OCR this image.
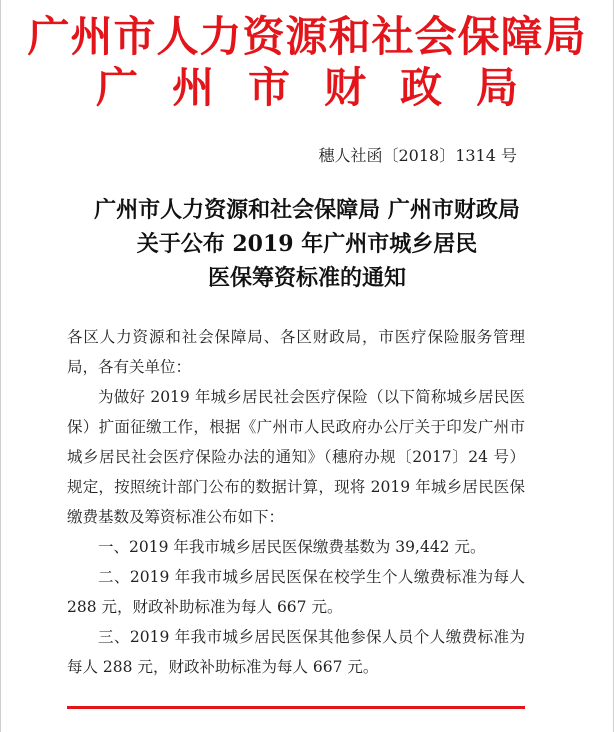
广州市人力资源和社会保障局
广州市财政局
穗人社函〔2018〕1314 号
广州市人力资源和社会保障局 广州市财政局
关于公布 2019 年广州市城乡居民
医保筹资标准的通知

各区人力资源和社会保障局、各区财政局，市医疗保险服务管理局，各有关单位：

为做好 2019 年城乡居民社会医疗保险（以下简称城乡居民医保）扩面征缴工作，根据《广州市人民政府办公厅关于印发广州市城乡居民社会医疗保险办法的通知》（穗府办规〔2017〕24 号）规定，按照统计部门公布的数据计算，现将 2019 年城乡居民医保缴费基数及筹资标准公布如下：

一、2019 年我市城乡居民医保缴费基数为 39,442 元。

二、2019 年我市城乡居民医保在校学生个人缴费标准为每人 288 元，财政补助标准为每人 667 元。

三、2019 年我市城乡居民医保其他参保人员个人缴费标准为每人 288 元，财政补助标准为每人 667 元。
